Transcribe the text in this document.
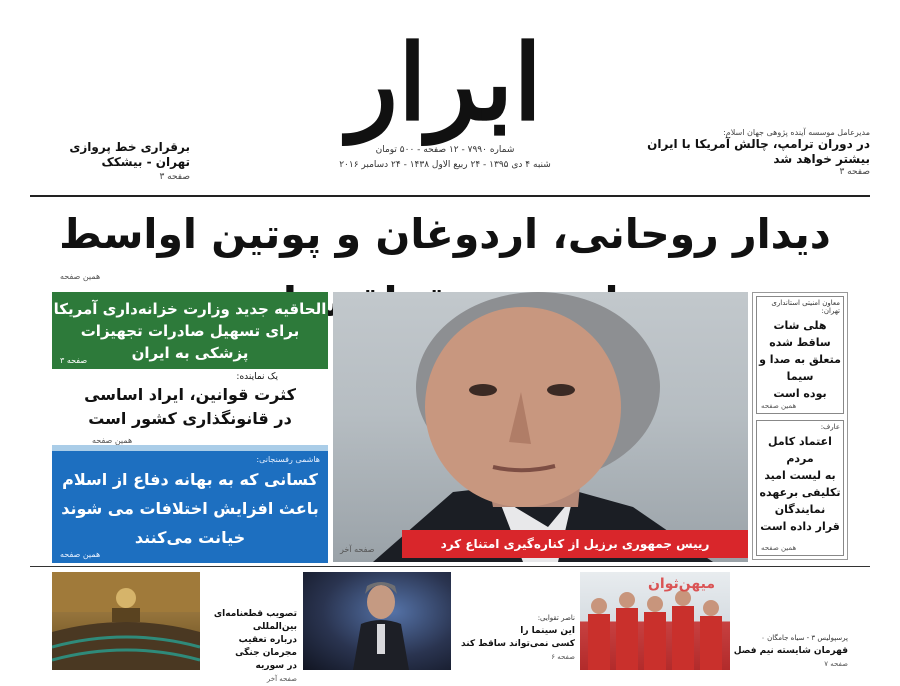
ابرار
شماره ۷۹۹۰ - ۱۲ صفحه - ۵۰۰ تومان
شنبه ۴ دی ۱۳۹۵ - ۲۴ ربیع الاول ۱۴۳۸ - ۲۴ دسامبر ۲۰۱۶
برقراری خط پروازی
تهران - بیشکک
صفحه ۳
مدیرعامل موسسه آینده پژوهی جهان اسلام:
در دوران ترامپ، چالش آمریکا با ایران
بیشتر خواهد شد
صفحه ۳
دیدار روحانی، اردوغان و پوتین اواسط
همین صفحه
الحاقیه جدید وزارت خزانه‌داری آمریکا
برای تسهیل صادرات تجهیزات پزشکی به ایران
صفحه ۳
یک نماینده:
کثرت قوانین، ایراد اساسی
در قانونگذاری کشور است
همین صفحه
هاشمی رفسنجانی:
کسانی که به بهانه دفاع از اسلام
باعث افزایش اختلافات می شوند
خیانت می‌کنند
همین صفحه
رییس جمهوری برزیل از کناره‌گیری امتناع کرد
صفحه آخر
معاون امنیتی استانداری تهران:
هلی شات
ساقط شده
متعلق به صدا و سیما
بوده است
همین صفحه
عارف:
اعتماد کامل مردم
به لیست امید
تکلیفی برعهده
نمایندگان
قرار داده است
همین صفحه
تصویب قطعنامه‌ای بین‌المللی
درباره تعقیب مجرمان جنگی
در سوریه
صفحه آخر
ناصر تقوایی:
این سینما را
کسی نمی‌تواند ساقط کند
صفحه ۶
میهن‌ثوان
پرسپولیس ۳ - سیاه جامگان ۰
قهرمان شایسته نیم فصل
صفحه ۷
